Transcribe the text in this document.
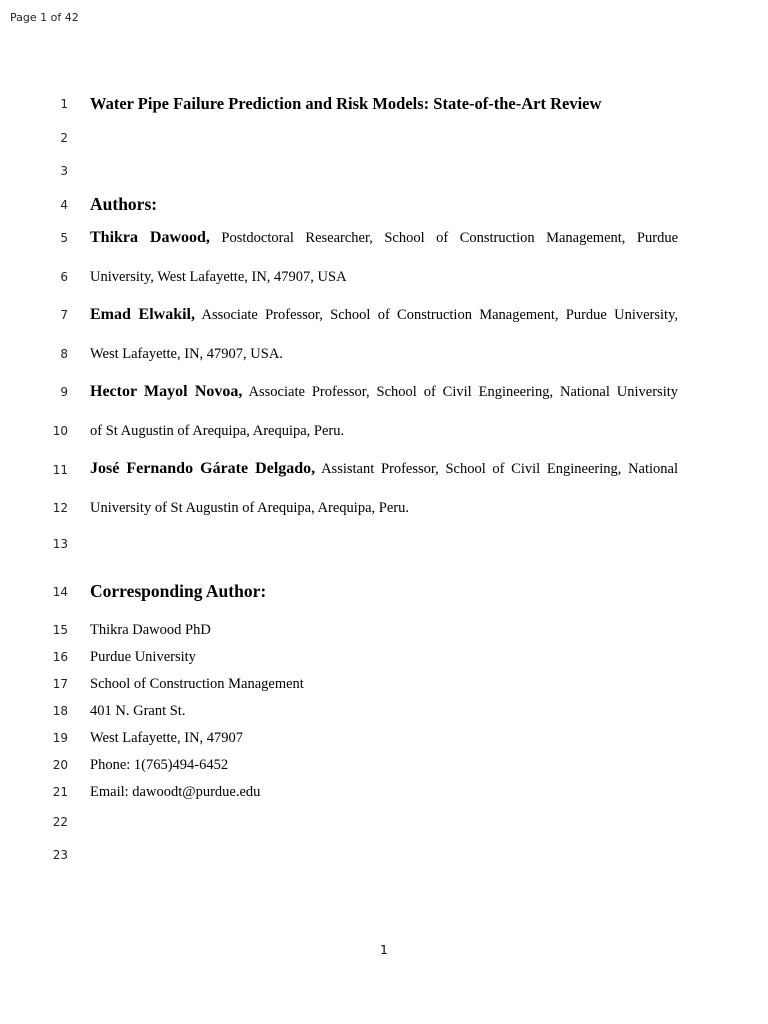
Page 1 of 42
1
2
3
4
5
6
7
8
9
10
11
12
13
14
15
16
17
18
19
20
21
22
23
Water Pipe Failure Prediction and Risk Models: State-of-the-Art Review
Authors:
Thikra Dawood, Postdoctoral Researcher, School of Construction Management, Purdue
University, West Lafayette, IN, 47907, USA
Emad Elwakil, Associate Professor, School of Construction Management, Purdue University,
West Lafayette, IN, 47907, USA.
Hector Mayol Novoa, Associate Professor, School of Civil Engineering, National University
of St Augustin of Arequipa, Arequipa, Peru.
José Fernando Gárate Delgado, Assistant Professor, School of Civil Engineering, National
University of St Augustin of Arequipa, Arequipa, Peru.
Corresponding Author:
Thikra Dawood PhD
Purdue University
School of Construction Management
401 N. Grant St.
West Lafayette, IN, 47907
Phone: 1(765)494-6452
Email: dawoodt@purdue.edu
1
